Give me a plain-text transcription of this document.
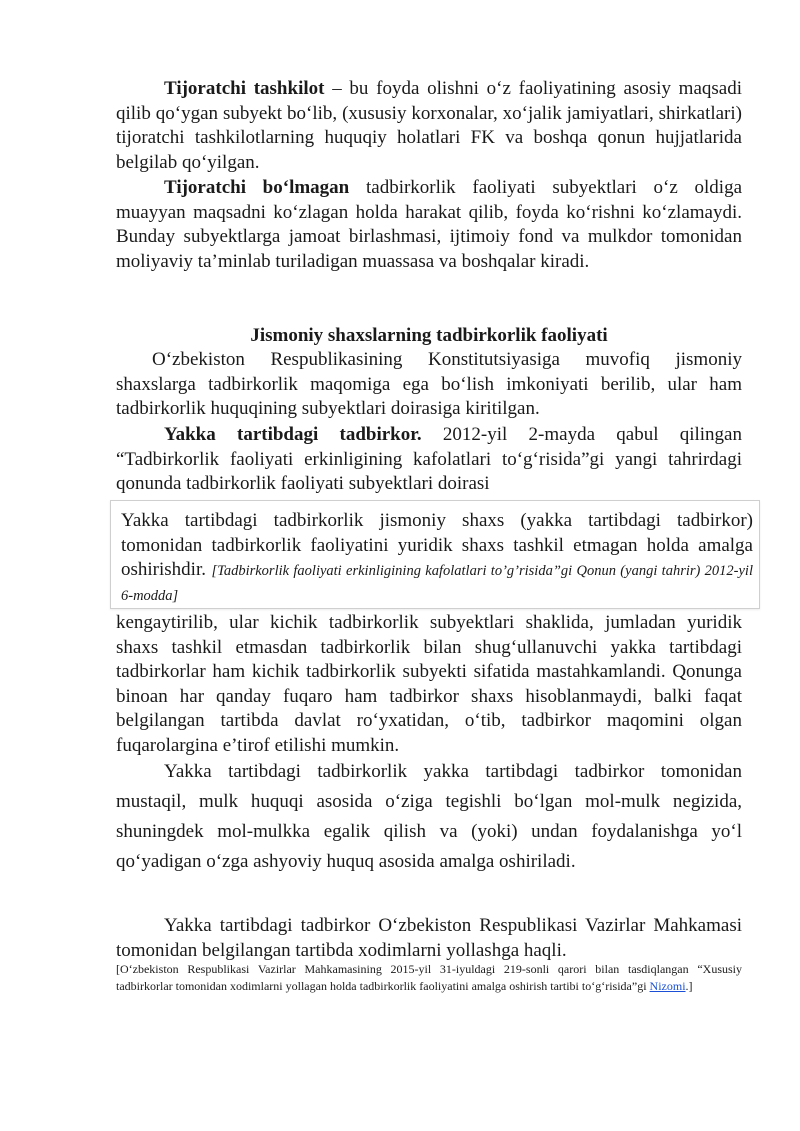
Tijoratchi tashkilot – bu foyda olishni o‘z faoliyatining asosiy maqsadi qilib qo‘ygan subyekt bo‘lib, (xususiy korxonalar, xo‘jalik jamiyatlari, shirkatlari) tijoratchi tashkilotlarning huquqiy holatlari FK va boshqa qonun hujjatlarida belgilab qo‘yilgan.

Tijoratchi bo‘lmagan tadbirkorlik faoliyati subyektlari o‘z oldiga muayyan maqsadni ko‘zlagan holda harakat qilib, foyda ko‘rishni ko‘zlamaydi. Bunday subyektlarga jamoat birlashmasi, ijtimoiy fond va mulkdor tomonidan moliyaviy ta’minlab turiladigan muassasa va boshqalar kiradi.

Jismoniy shaxslarning tadbirkorlik faoliyati

O‘zbekiston Respublikasining Konstitutsiyasiga muvofiq jismoniy shaxslarga tadbirkorlik maqomiga ega bo‘lish imkoniyati berilib, ular ham tadbirkorlik huquqining subyektlari doirasiga kiritilgan.

Yakka tartibdagi tadbirkor. 2012-yil 2-mayda qabul qilingan “Tadbirkorlik faoliyati erkinligining kafolatlari to‘g‘risida”gi yangi tahrirdagi qonunda tadbirkorlik faoliyati subyektlari doirasi

Yakka tartibdagi tadbirkorlik jismoniy shaxs (yakka tartibdagi tadbirkor) tomonidan tadbirkorlik faoliyatini yuridik shaxs tashkil etmagan holda amalga oshirishdir. [Tadbirkorlik faoliyati erkinligining kafolatlari to’g’risida”gi Qonun (yangi tahrir) 2012-yil 6-modda]

kengaytirilib, ular kichik tadbirkorlik subyektlari shaklida, jumladan yuridik shaxs tashkil etmasdan tadbirkorlik bilan shug‘ullanuvchi yakka tartibdagi tadbirkorlar ham kichik tadbirkorlik subyekti sifatida mastahkamlandi. Qonunga binoan har qanday fuqaro ham tadbirkor shaxs hisoblanmaydi, balki faqat belgilangan tartibda davlat ro‘yxatidan, o‘tib, tadbirkor maqomini olgan fuqarolargina e’tirof etilishi mumkin.

Yakka tartibdagi tadbirkorlik yakka tartibdagi tadbirkor tomonidan mustaqil, mulk huquqi asosida o‘ziga tegishli bo‘lgan mol-mulk negizida, shuningdek mol-mulkka egalik qilish va (yoki) undan foydalanishga yo‘l qo‘yadigan o‘zga ashyoviy huquq asosida amalga oshiriladi.

Yakka tartibdagi tadbirkor O‘zbekiston Respublikasi Vazirlar Mahkamasi tomonidan belgilangan tartibda xodimlarni yollashga haqli.

[O‘zbekiston Respublikasi Vazirlar Mahkamasining 2015-yil 31-iyuldagi 219-sonli qarori bilan tasdiqlangan “Xususiy tadbirkorlar tomonidan xodimlarni yollagan holda tadbirkorlik faoliyatini amalga oshirish tartibi to‘g‘risida”gi Nizomi.]
